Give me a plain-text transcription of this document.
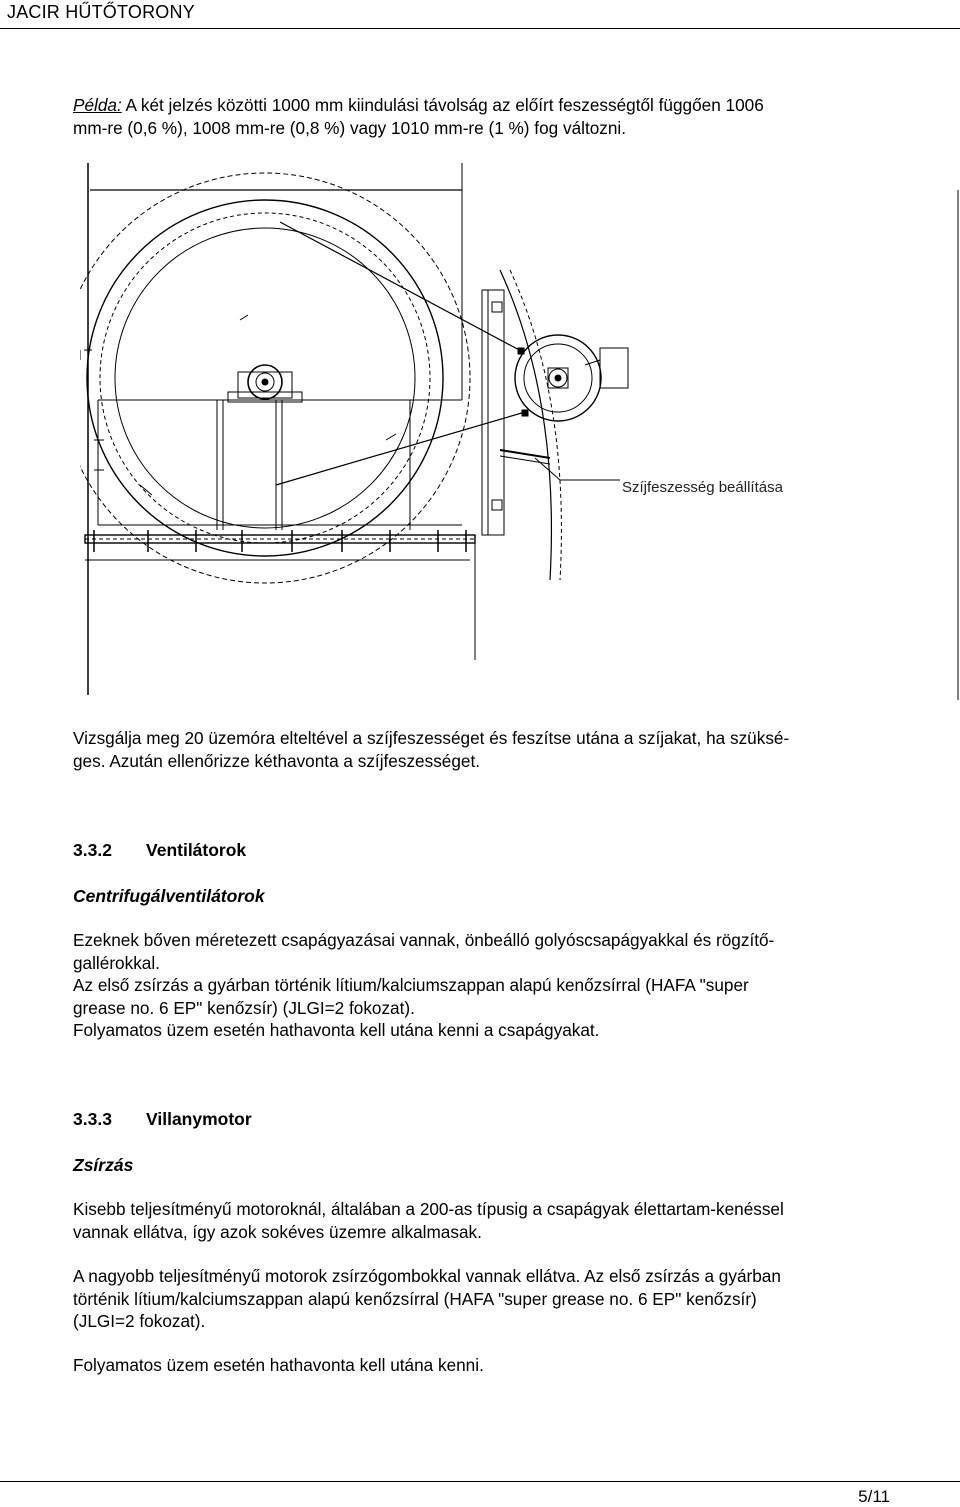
JACIR HŰTŐTORONY
Példa: A két jelzés közötti 1000 mm kiindulási távolság az előírt feszességtől függően 1006
mm-re (0,6 %), 1008 mm-re (0,8 %) vagy 1010 mm-re (1 %) fog változni.
Szíjfeszesség beállítása
Vizsgálja meg 20 üzemóra elteltével a szíjfeszességet és feszítse utána a szíjakat, ha szüksé-
ges. Azután ellenőrizze kéthavonta a szíjfeszességet.
3.3.2 Ventilátorok
Centrifugálventilátorok
Ezeknek bőven méretezett csapágyazásai vannak, önbeálló golyóscsapágyakkal és rögzítő-
gallérokkal.
Az első zsírzás a gyárban történik lítium/kalciumszappan alapú kenőzsírral (HAFA "super
grease no. 6 EP" kenőzsír) (JLGI=2 fokozat).
Folyamatos üzem esetén hathavonta kell utána kenni a csapágyakat.
3.3.3 Villanymotor
Zsírzás
Kisebb teljesítményű motoroknál, általában a 200-as típusig a csapágyak élettartam-kenéssel
vannak ellátva, így azok sokéves üzemre alkalmasak.
A nagyobb teljesítményű motorok zsírzógombokkal vannak ellátva. Az első zsírzás a gyárban
történik lítium/kalciumszappan alapú kenőzsírral (HAFA "super grease no. 6 EP" kenőzsír)
(JLGI=2 fokozat).
Folyamatos üzem esetén hathavonta kell utána kenni.
5/11
